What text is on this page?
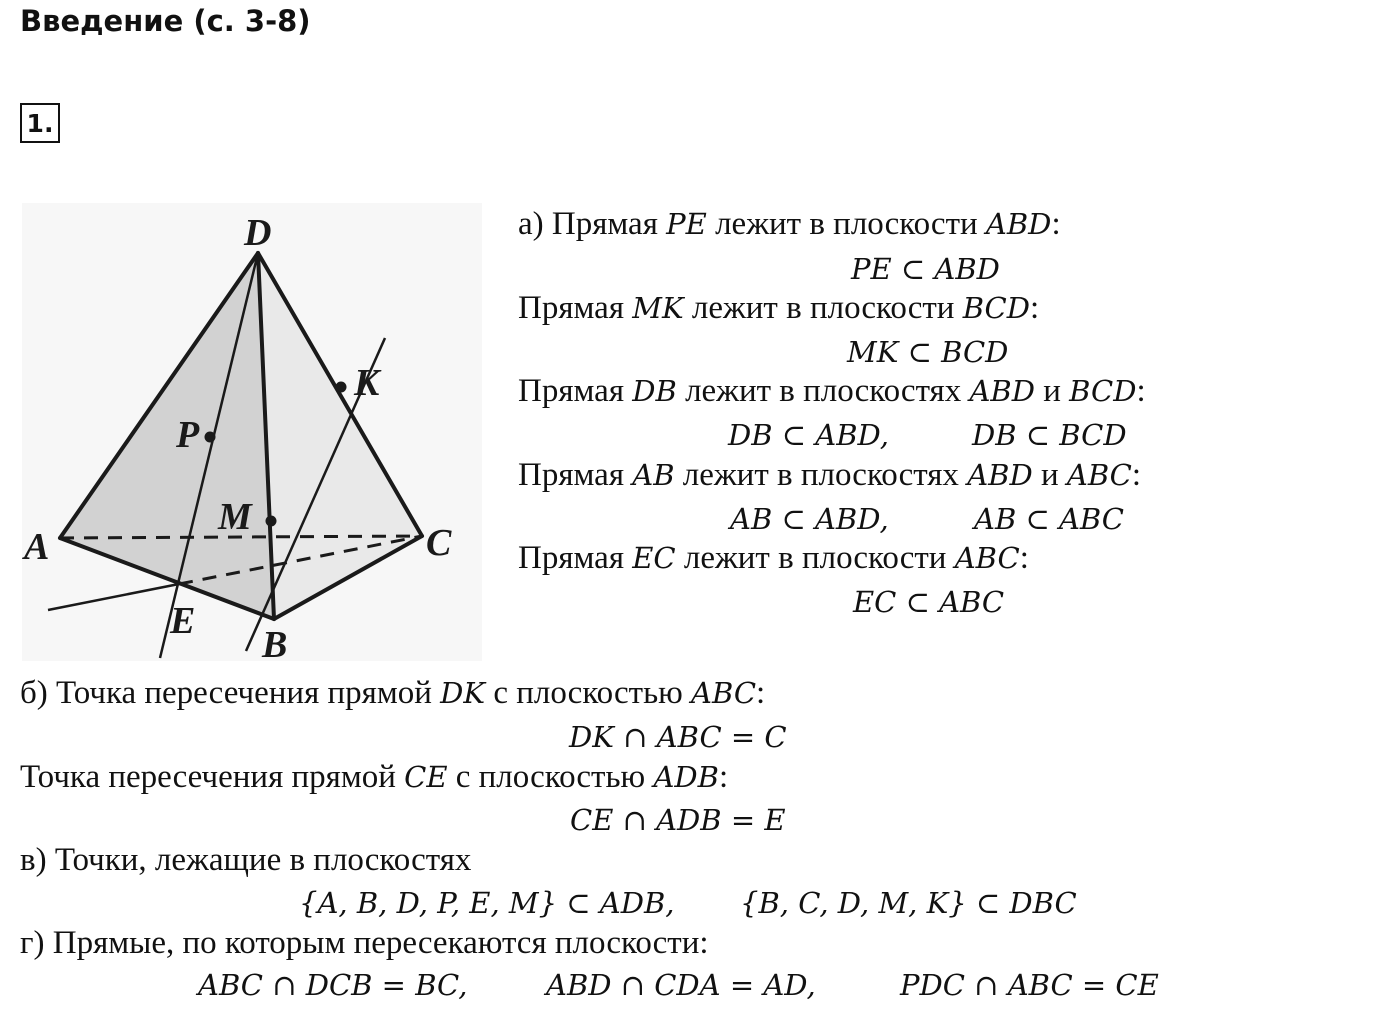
Введение (с. 3-8)
1.
D
K
P
M
A	C
E
B
а) Прямая PE лежит в плоскости ABD:
PE ⊂ ABD
Прямая MK лежит в плоскости BCD:
MK ⊂ BCD
Прямая DB лежит в плоскостях ABD и BCD:
DB ⊂ ABD,	DB ⊂ BCD
Прямая AB лежит в плоскостях ABD и ABC:
AB ⊂ ABD,	AB ⊂ ABC
Прямая EC лежит в плоскости ABC:
EC ⊂ ABC
б) Точка пересечения прямой DK с плоскостью ABC:
DK ∩ ABC = C
Точка пересечения прямой CE с плоскостью ADB:
CE ∩ ADB = E
в) Точки, лежащие в плоскостях
{A, B, D, P, E, M} ⊂ ADB, {B, C, D, M, K} ⊂ DBC
г) Прямые, по которым пересекаются плоскости:
ABC ∩ DCB = BC,	ABD ∩ CDA = AD,	PDC ∩ ABC = CE
